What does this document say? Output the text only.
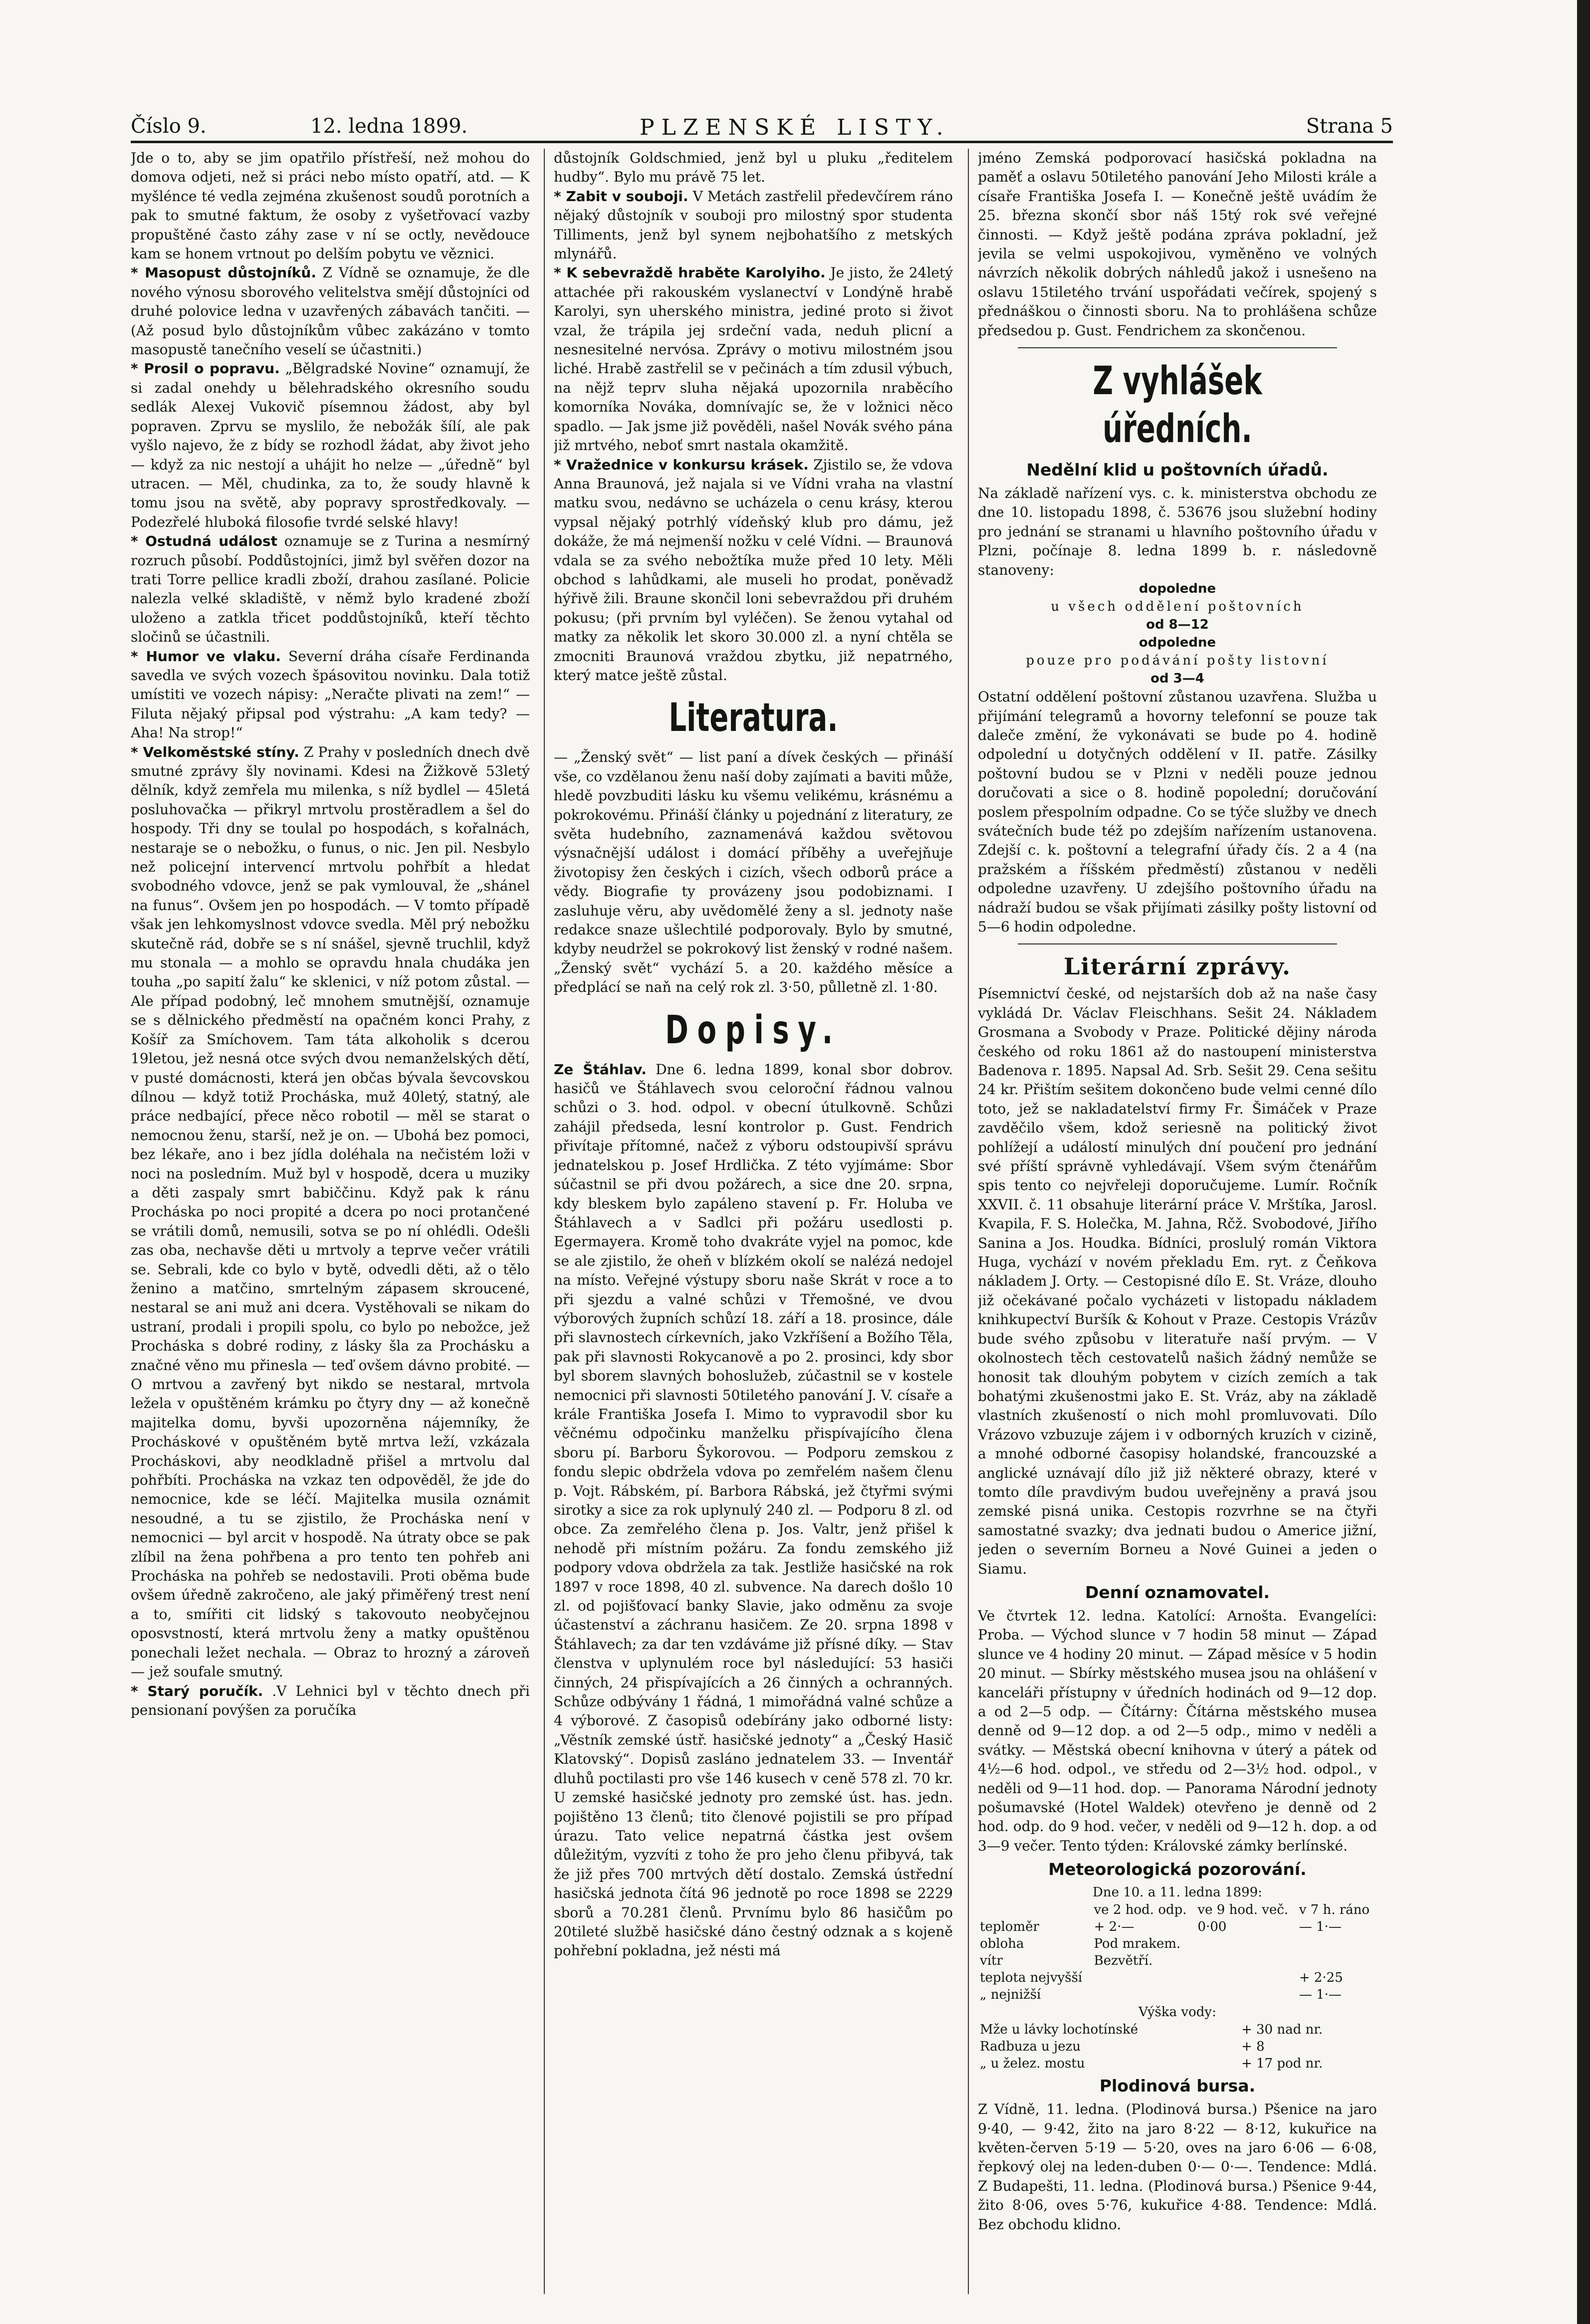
Číslo 9.	12. ledna 1899.	PLZENSKÉ LISTY.	Strana 5

Jde o to, aby se jim opatřilo přístřeší, než mohou do domova odjeti, než si práci nebo místo opatří, atd. — K myšlénce té vedla zejména zkušenost soudů porotních a pak to smutné faktum, že osoby z vyšetřovací vazby propuštěné často záhy zase v ní se octly, nevědouce kam se honem vrtnout po delším pobytu ve věznici.

* Masopust důstojníků. Z Vídně se oznamuje, že dle nového výnosu sborového velitelstva smějí důstojníci od druhé polovice ledna v uzavřených zábavách tančiti. — (Až posud bylo důstojníkům vůbec zakázáno v tomto masopustě tanečního veselí se účastniti.)

* Prosil o popravu. „Bělgradské Novine“ oznamují, že si zadal onehdy u bělehradského okresního soudu sedlák Alexej Vukovič písemnou žádost, aby byl popraven. Zprvu se myslilo, že nebožák šílí, ale pak vyšlo najevo, že z bídy se rozhodl žádat, aby život jeho — když za nic nestojí a uhájit ho nelze — „úředně“ byl utracen. — Měl, chudinka, za to, že soudy hlavně k tomu jsou na světě, aby popravy sprostředkovaly. — Podezřelé hluboká filosofie tvrdé selské hlavy!

* Ostudná událost oznamuje se z Turina a nesmírný rozruch působí. Poddůstojníci, jimž byl svěřen dozor na trati Torre pellice kradli zboží, drahou zasílané. Policie nalezla velké skladiště, v němž bylo kradené zboží uloženo a zatkla třicet poddůstojníků, kteří těchto sločinů se účastnili.

* Humor ve vlaku. Severní dráha císaře Ferdinanda savedla ve svých vozech špásovitou novinku. Dala totiž umístiti ve vozech nápisy: „Neračte plivati na zem!“ — Filuta nějaký připsal pod výstrahu: „A kam tedy? — Aha! Na strop!“

* Velkoměstské stíny. Z Prahy v posledních dnech dvě smutné zprávy šly novinami. Kdesi na Žižkově 53letý dělník, když zemřela mu milenka, s níž bydlel — 45letá posluhovačka — přikryl mrtvolu prostěradlem a šel do hospody. Tři dny se toulal po hospodách, s kořalnách, nestaraje se o nebožku, o funus, o nic. Jen pil. Nesbylo než policejní intervencí mrtvolu pohřbít a hledat svobodného vdovce, jenž se pak vymlouval, že „shánel na funus“. Ovšem jen po hospodách. — V tomto případě však jen lehkomyslnost vdovce svedla. Měl prý nebožku skutečně rád, dobře se s ní snášel, sjevně truchlil, když mu stonala — a mohlo se opravdu hnala chudáka jen touha „po sapití žalu“ ke sklenici, v níž potom zůstal. — Ale případ podobný, leč mnohem smutnější, oznamuje se s dělnického předměstí na opačném konci Prahy, z Košíř za Smíchovem. Tam táta alkoholik s dcerou 19letou, jež nesná otce svých dvou nemanželských dětí, v pusté domácnosti, která jen občas bývala ševcovskou dílnou — když totiž Procháska, muž 40letý, statný, ale práce nedbající, přece něco robotil — měl se starat o nemocnou ženu, starší, než je on. — Ubohá bez pomoci, bez lékaře, ano i bez jídla doléhala na nečistém loži v noci na posledním. Muž byl v hospodě, dcera u muziky a děti zaspaly smrt babiččinu. Když pak k ránu Procháska po noci propité a dcera po noci protančené se vrátili domů, nemusili, sotva se po ní ohlédli. Odešli zas oba, nechavše děti u mrtvoly a teprve večer vrátili se. Sebrali, kde co bylo v bytě, odvedli děti, až o tělo ženino a matčino, smrtelným zápasem skroucené, nestaral se ani muž ani dcera. Vystěhovali se nikam do ustraní, prodali i propili spolu, co bylo po nebožce, jež Procháska s dobré rodiny, z lásky šla za Prochásku a značné věno mu přinesla — teď ovšem dávno probité. — O mrtvou a zavřený byt nikdo se nestaral, mrtvola ležela v opuštěném krámku po čtyry dny — až konečně majitelka domu, byvši upozorněna nájemníky, že Procháskové v opuštěném bytě mrtva leží, vzkázala Procháskovi, aby neodkladně přišel a mrtvolu dal pohřbíti. Procháska na vzkaz ten odpověděl, že jde do nemocnice, kde se léčí. Majitelka musila oznámit nesoudné, a tu se zjistilo, že Procháska není v nemocnici — byl arcit v hospodě. Na útraty obce se pak zlíbil na žena pohřbena a pro tento ten pohřeb ani Procháska na pohřeb se nedostavili. Proti oběma bude ovšem úředně zakročeno, ale jaký přiměřený trest není a to, smířiti cit lidský s takovouto neobyčejnou oposvstností, která mrtvolu ženy a matky opuštěnou ponechali ležet nechala. — Obraz to hrozný a zároveň — jež soufale smutný.

* Starý poručík. .V Lehnici byl v těchto dnech při pensionaní povýšen za poručíka

důstojník Goldschmied, jenž byl u pluku „ředitelem hudby“. Bylo mu právě 75 let.

* Zabit v souboji. V Metách zastřelil předevčírem ráno nějaký důstojník v souboji pro milostný spor studenta Tilliments, jenž byl synem nejbohatšího z metských mlynářů.

* K sebevraždě hraběte Karolyiho. Je jisto, že 24letý attachée při rakouském vyslanectví v Londýně hrabě Karolyi, syn uherského ministra, jediné proto si život vzal, že trápila jej srdeční vada, neduh plicní a nesnesitelné nervósa. Zprávy o motivu milostném jsou liché. Hrabě zastřelil se v pečinách a tím zdusil výbuch, na nějž teprv sluha nějaká upozornila nraběcího komorníka Nováka, domnívajíc se, že v ložnici něco spadlo. — Jak jsme již pověděli, našel Novák svého pána již mrtvého, neboť smrt nastala okamžitě.

* Vražednice v konkursu krásek. Zjistilo se, že vdova Anna Braunová, jež najala si ve Vídni vraha na vlastní matku svou, nedávno se ucházela o cenu krásy, kterou vypsal nějaký potrhlý vídeňský klub pro dámu, jež dokáže, že má nejmenší nožku v celé Vídni. — Braunová vdala se za svého nebožtíka muže před 10 lety. Měli obchod s lahůdkami, ale museli ho prodat, poněvadž hýřivě žili. Braune skončil loni sebevraždou při druhém pokusu; (při prvním byl vyléčen). Se ženou vytahal od matky za několik let skoro 30.000 zl. a nyní chtěla se zmocniti Braunová vraždou zbytku, již nepatrného, který matce ještě zůstal.

Literatura.

— „Ženský svět“ — list paní a dívek českých — přináší vše, co vzdělanou ženu naší doby zajímati a baviti může, hledě povzbuditi lásku ku všemu velikému, krásnému a pokrokovému. Přináší články u pojednání z literatury, ze světa hudebního, zaznamenává každou světovou výsnačnější událost i domácí příběhy a uveřejňuje životopisy žen českých i cizích, všech odborů práce a vědy. Biografie ty provázeny jsou podobiznami. I zasluhuje věru, aby uvědomělé ženy a sl. jednoty naše redakce snaze ušlechtilé podporovaly. Bylo by smutné, kdyby neudržel se pokrokový list ženský v rodné našem. „Ženský svět“ vychází 5. a 20. každého měsíce a předplácí se naň na celý rok zl. 3·50, půlletně zl. 1·80.

Dopisy.

Ze Štáhlav. Dne 6. ledna 1899, konal sbor dobrov. hasičů ve Štáhlavech svou celoroční řádnou valnou schůzi o 3. hod. odpol. v obecní útulkovně. Schůzi zahájil předseda, lesní kontrolor p. Gust. Fendrich přivítaje přítomné, načež z výboru odstoupivší správu jednatelskou p. Josef Hrdlička. Z této vyjímáme: Sbor súčastnil se při dvou požárech, a sice dne 20. srpna, kdy bleskem bylo zapáleno stavení p. Fr. Holuba ve Štáhlavech a v Sadlci při požáru usedlosti p. Egermayera. Kromě toho dvakráte vyjel na pomoc, kde se ale zjistilo, že oheň v blízkém okolí se nalézá nedojel na místo. Veřejné výstupy sboru naše Skrát v roce a to při sjezdu a valné schůzi v Třemošné, ve dvou výborových župních schůzí 18. září a 18. prosince, dále při slavnostech církevních, jako Vzkříšení a Božího Těla, pak při slavnosti Rokycanově a po 2. prosinci, kdy sbor byl sborem slavných bohoslužeb, zúčastnil se v kostele nemocnici při slavnosti 50tiletého panování J. V. císaře a krále Františka Josefa I. Mimo to vypravodil sbor ku věčnému odpočinku manželku přispívajícího člena sboru pí. Barboru Šykorovou. — Podporu zemskou z fondu slepic obdržela vdova po zemřelém našem členu p. Vojt. Rábském, pí. Barbora Rábská, jež čtyřmi svými sirotky a sice za rok uplynulý 240 zl. — Podporu 8 zl. od obce. Za zemřelého člena p. Jos. Valtr, jenž přišel k nehodě při místním požáru. Za fondu zemského již podpory vdova obdržela za tak. Jestliže hasičské na rok 1897 v roce 1898, 40 zl. subvence. Na darech došlo 10 zl. od pojišťovací banky Slavie, jako odměnu za svoje účastenství a záchranu hasičem. Ze 20. srpna 1898 v Štáhlavech; za dar ten vzdáváme již přísné díky. — Stav členstva v uplynulém roce byl následující: 53 hasiči činných, 24 přispívajících a 26 činných a ochranných. Schůze odbývány 1 řádná, 1 mimořádná valné schůze a 4 výborové. Z časopisů odebírány jako odborné listy: „Věstník zemské ústř. hasičské jednoty“ a „Český Hasič Klatovský“. Dopisů zasláno jednatelem 33. — Inventář dluhů poctilasti pro vše 146 kusech v ceně 578 zl. 70 kr. U zemské hasičské jednoty pro zemské úst. has. jedn. pojištěno 13 členů; tito členové pojistili se pro případ úrazu. Tato velice nepatrná částka jest ovšem důležitým, vyzvíti z toho že pro jeho členu přibyvá, tak že již přes 700 mrtvých dětí dostalo. Zemská ústřední hasičská jednota čítá 96 jednotě po roce 1898 se 2229 sborů a 70.281 členů. Prvnímu bylo 86 hasičům po 20tileté službě hasičské dáno čestný odznak a s kojeně pohřební pokladna, jež nésti má

jméno Zemská podporovací hasičská pokladna na paměť a oslavu 50tiletého panování Jeho Milosti krále a císaře Františka Josefa I. — Konečně ještě uvádím že 25. března skončí sbor náš 15tý rok své veřejné činnosti. — Když ještě podána zpráva pokladní, jež jevila se velmi uspokojivou, vyměněno ve volných návrzích několik dobrých náhledů jakož i usnešeno na oslavu 15tiletého trvání uspořádati večírek, spojený s přednáškou o činnosti sboru. Na to prohlášena schůze předsedou p. Gust. Fendrichem za skončenou.

Z vyhlášek úředních.
Nedělní klid u poštovních úřadů.

Na základě nařízení vys. c. k. ministerstva obchodu ze dne 10. listopadu 1898, č. 53676 jsou služební hodiny pro jednání se stranami u hlavního poštovního úřadu v Plzni, počínaje 8. ledna 1899 b. r. následovně stanoveny:

dopoledne
u všech oddělení poštovních
od 8—12
odpoledne
pouze pro podávání pošty listovní
od 3—4

Ostatní oddělení poštovní zůstanou uzavřena. Služba u přijímání telegramů a hovorny telefonní se pouze tak daleče změní, že vykonávati se bude po 4. hodině odpolední u dotyčných oddělení v II. patře. Zásilky poštovní budou se v Plzni v neděli pouze jednou doručovati a sice o 8. hodině popolední; doručování poslem přespolním odpadne. Co se týče služby ve dnech svátečních bude též po zdejším nařízením ustanovena. Zdejší c. k. poštovní a telegrafní úřady čís. 2 a 4 (na pražském a říšském předměstí) zůstanou v neděli odpoledne uzavřeny. U zdejšího poštovního úřadu na nádraží budou se však přijímati zásilky pošty listovní od 5—6 hodin odpoledne.

Literární zprávy.

Písemnictví české, od nejstarších dob až na naše časy vykládá Dr. Václav Fleischhans. Sešit 24. Nákladem Grosmana a Svobody v Praze. Politické dějiny národa českého od roku 1861 až do nastoupení ministerstva Badenova r. 1895. Napsal Ad. Srb. Sešit 29. Cena sešitu 24 kr. Přištím sešitem dokončeno bude velmi cenné dílo toto, jež se nakladatelství firmy Fr. Šimáček v Praze zavděčilo všem, kdož seriesně na politický život pohlížejí a událostí minulých dní poučení pro jednání své příští správně vyhledávají. Všem svým čtenářům spis tento co nejvřeleji doporučujeme. Lumír. Ročník XXVII. č. 11 obsahuje literární práce V. Mrštíka, Jarosl. Kvapila, F. S. Holečka, M. Jahna, Rčž. Svobodové, Jiřího Sanina a Jos. Houdka. Bídníci, proslulý román Viktora Huga, vychází v novém překladu Em. ryt. z Čeňkova nákladem J. Orty. — Cestopisné dílo E. St. Vráze, dlouho již očekávané počalo vycházeti v listopadu nákladem knihkupectví Buršík & Kohout v Praze. Cestopis Vrázův bude svého způsobu v literatuře naší prvým. — V okolnostech těch cestovatelů našich žádný nemůže se honosit tak dlouhým pobytem v cizích zemích a tak bohatými zkušenostmi jako E. St. Vráz, aby na základě vlastních zkušeností o nich mohl promluvovati. Dílo Vrázovo vzbuzuje zájem i v odborných kruzích v cizině, a mnohé odborné časopisy holandské, francouzské a anglické uznávají dílo již již některé obrazy, které v tomto díle pravdivým budou uveřejněny a pravá jsou zemské pisná unika. Cestopis rozvrhne se na čtyři samostatné svazky; dva jednati budou o Americe jižní, jeden o severním Borneu a Nové Guinei a jeden o Siamu.

Denní oznamovatel.

Ve čtvrtek 12. ledna. Katolící: Arnošta. Evangelíci: Proba. — Východ slunce v 7 hodin 58 minut — Západ slunce ve 4 hodiny 20 minut. — Západ měsíce v 5 hodin 20 minut. — Sbírky městského musea jsou na ohlášení v kanceláři přístupny v úředních hodinách od 9—12 dop. a od 2—5 odp. — Čítárny: Čítárna městského musea denně od 9—12 dop. a od 2—5 odp., mimo v neděli a svátky. — Městská obecní knihovna v úterý a pátek od 4½—6 hod. odpol., ve středu od 2—3½ hod. odpol., v neděli od 9—11 hod. dop. — Panorama Národní jednoty pošumavské (Hotel Waldek) otevřeno je denně od 2 hod. odp. do 9 hod. večer, v neděli od 9—12 h. dop. a od 3—9 večer. Tento týden: Královské zámky berlínské.

Meteorologická pozorování.
Dne 10. a 11. ledna 1899:
	ve 2 hod. odp.	ve 9 hod. več.	v 7 h. ráno
teploměr	+ 2·—	0·00	— 1·—
obloha	Pod mrakem.		
vítr	Bezvětří.		
teplota nejvyšší			+ 2·25
„ nejnižší			— 1·—
Výška vody:
Mže u lávky lochotínské	+ 30 nad nr.
Radbuza u jezu	+ 8
„ u želez. mostu	+ 17 pod nr.
Plodinová bursa.

Z Vídně, 11. ledna. (Plodinová bursa.) Pšenice na jaro 9·40, — 9·42, žito na jaro 8·22 — 8·12, kukuřice na květen-červen 5·19 — 5·20, oves na jaro 6·06 — 6·08, řepkový olej na leden-duben 0·— 0·—. Tendence: Mdlá. Z Budapešti, 11. ledna. (Plodinová bursa.) Pšenice 9·44, žito 8·06, oves 5·76, kukuřice 4·88. Tendence: Mdlá. Bez obchodu klidno.
